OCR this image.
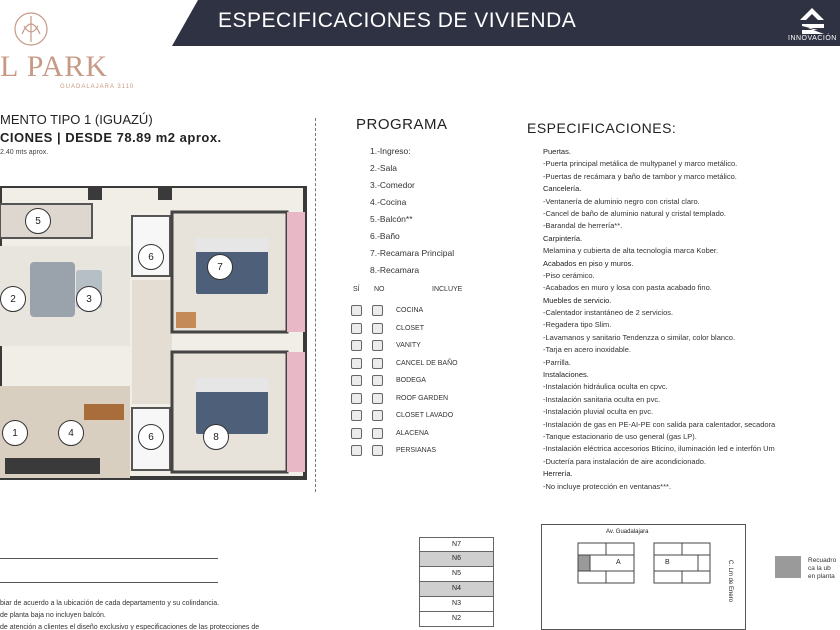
ESPECIFICACIONES DE VIVIENDA
INNOVACIÓN
L PARK
GUADALAJARA 3110
MENTO TIPO 1 (IGUAZÚ)
CIONES | DESDE 78.89 m2 aprox.
2.40 mts aprox.
5
6
7
2	3
1	4	6	8
PROGRAMA
1.-Ingreso:
2.-Sala
3.-Comedor
4.-Cocina
5.-Balcón**
6.-Baño
7.-Recamara Principal
8.-Recamara
SÍ NO	INCLUYE
COCINA
CLOSET
VANITY
CANCEL DE BAÑO
BODEGA
ROOF GARDEN
CLOSET LAVADO
ALACENA
PERSIANAS
ESPECIFICACIONES:
Puertas.
-Puerta principal metálica de multypanel y marco metálico.
-Puertas de recámara y baño de tambor y marco metálico.
Cancelería.
-Ventanería de aluminio negro con cristal claro.
-Cancel de baño de aluminio natural y cristal templado.
-Barandal de herrería**.
Carpintería.
Melamina y cubierta de alta tecnología marca Kober.
Acabados en piso y muros.
-Piso cerámico.
-Acabados en muro y losa con pasta acabado fino.
Muebles de servicio.
-Calentador instantáneo de 2 servicios.
-Regadera tipo Slim.
-Lavamanos y sanitario Tendenzza o similar, color blanco.
-Tarja en acero inoxidable.
-Parrilla.
Instalaciones.
-Instalación hidráulica oculta en cpvc.
-Instalación sanitaria oculta en pvc.
-Instalación pluvial oculta en pvc.
-Instalación de gas en PE-AI-PE con salida para calentador, secadora
-Tanque estacionario de uso general (gas LP).
-Instalación eléctrica accesorios Bticino, iluminación led e interfón Um
-Ductería para instalación de aire acondicionado.
Herrería.
-No incluye protección en ventanas***.
biar de acuerdo a la ubicación de cada departamento y su colindancia.
de planta baja no incluyen balcón.
de atención a clientes el diseño exclusivo y especificaciones de las protecciones de
N7
N6
N5
N4
N3
N2
A	B
Av. Guadalajara
C. Lm de Enero	Recuadro
ca la ub
en planta
